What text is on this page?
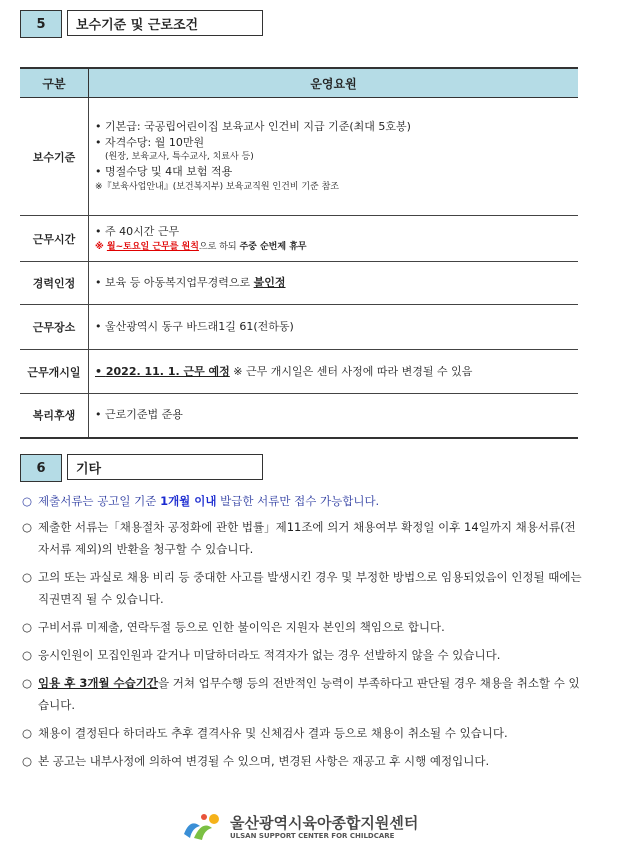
5	보수기준 및 근로조건
구분	운영요원
보수기준	• 기본급: 국공립어린이집 보육교사 인건비 지급 기준(최대 5호봉)
• 자격수당: 월 10만원
(원장, 보육교사, 특수교사, 치료사 등)
• 명절수당 및 4대 보험 적용
※『보육사업안내』(보건복지부) 보육교직원 인건비 기준 참조

근무시간	• 주 40시간 근무
※ 월~토요일 근무를 원칙으로 하되 주중 순번제 휴무

경력인정	• 보육 등 아동복지업무경력으로 불인정
근무장소	• 울산광역시 동구 바드래1길 61(전하동)
근무개시일	• 2022. 11. 1. 근무 예정 ※ 근무 개시일은 센터 사정에 따라 변경될 수 있음
복리후생	• 근로기준법 준용
6	기타
○ 제출서류는 공고일 기준 1개월 이내 발급한 서류만 접수 가능합니다.
○ 제출한 서류는「채용절차 공정화에 관한 법률」제11조에 의거 채용여부 확정일 이후 14일까지 채용서류(전자서류 제외)의 반환을 청구할 수 있습니다.
○ 고의 또는 과실로 채용 비리 등 중대한 사고를 발생시킨 경우 및 부정한 방법으로 임용되었음이 인정될 때에는 직권면직 될 수 있습니다.
○ 구비서류 미제출, 연락두절 등으로 인한 불이익은 지원자 본인의 책임으로 합니다.
○ 응시인원이 모집인원과 같거나 미달하더라도 적격자가 없는 경우 선발하지 않을 수 있습니다.
○ 임용 후 3개월 수습기간을 거쳐 업무수행 등의 전반적인 능력이 부족하다고 판단될 경우 채용을 취소할 수 있습니다.
○ 채용이 결정된다 하더라도 추후 결격사유 및 신체검사 결과 등으로 채용이 취소될 수 있습니다.
○ 본 공고는 내부사정에 의하여 변경될 수 있으며, 변경된 사항은 재공고 후 시행 예정입니다.
울산광역시육아종합지원센터
ULSAN SUPPORT CENTER FOR CHILDCARE
